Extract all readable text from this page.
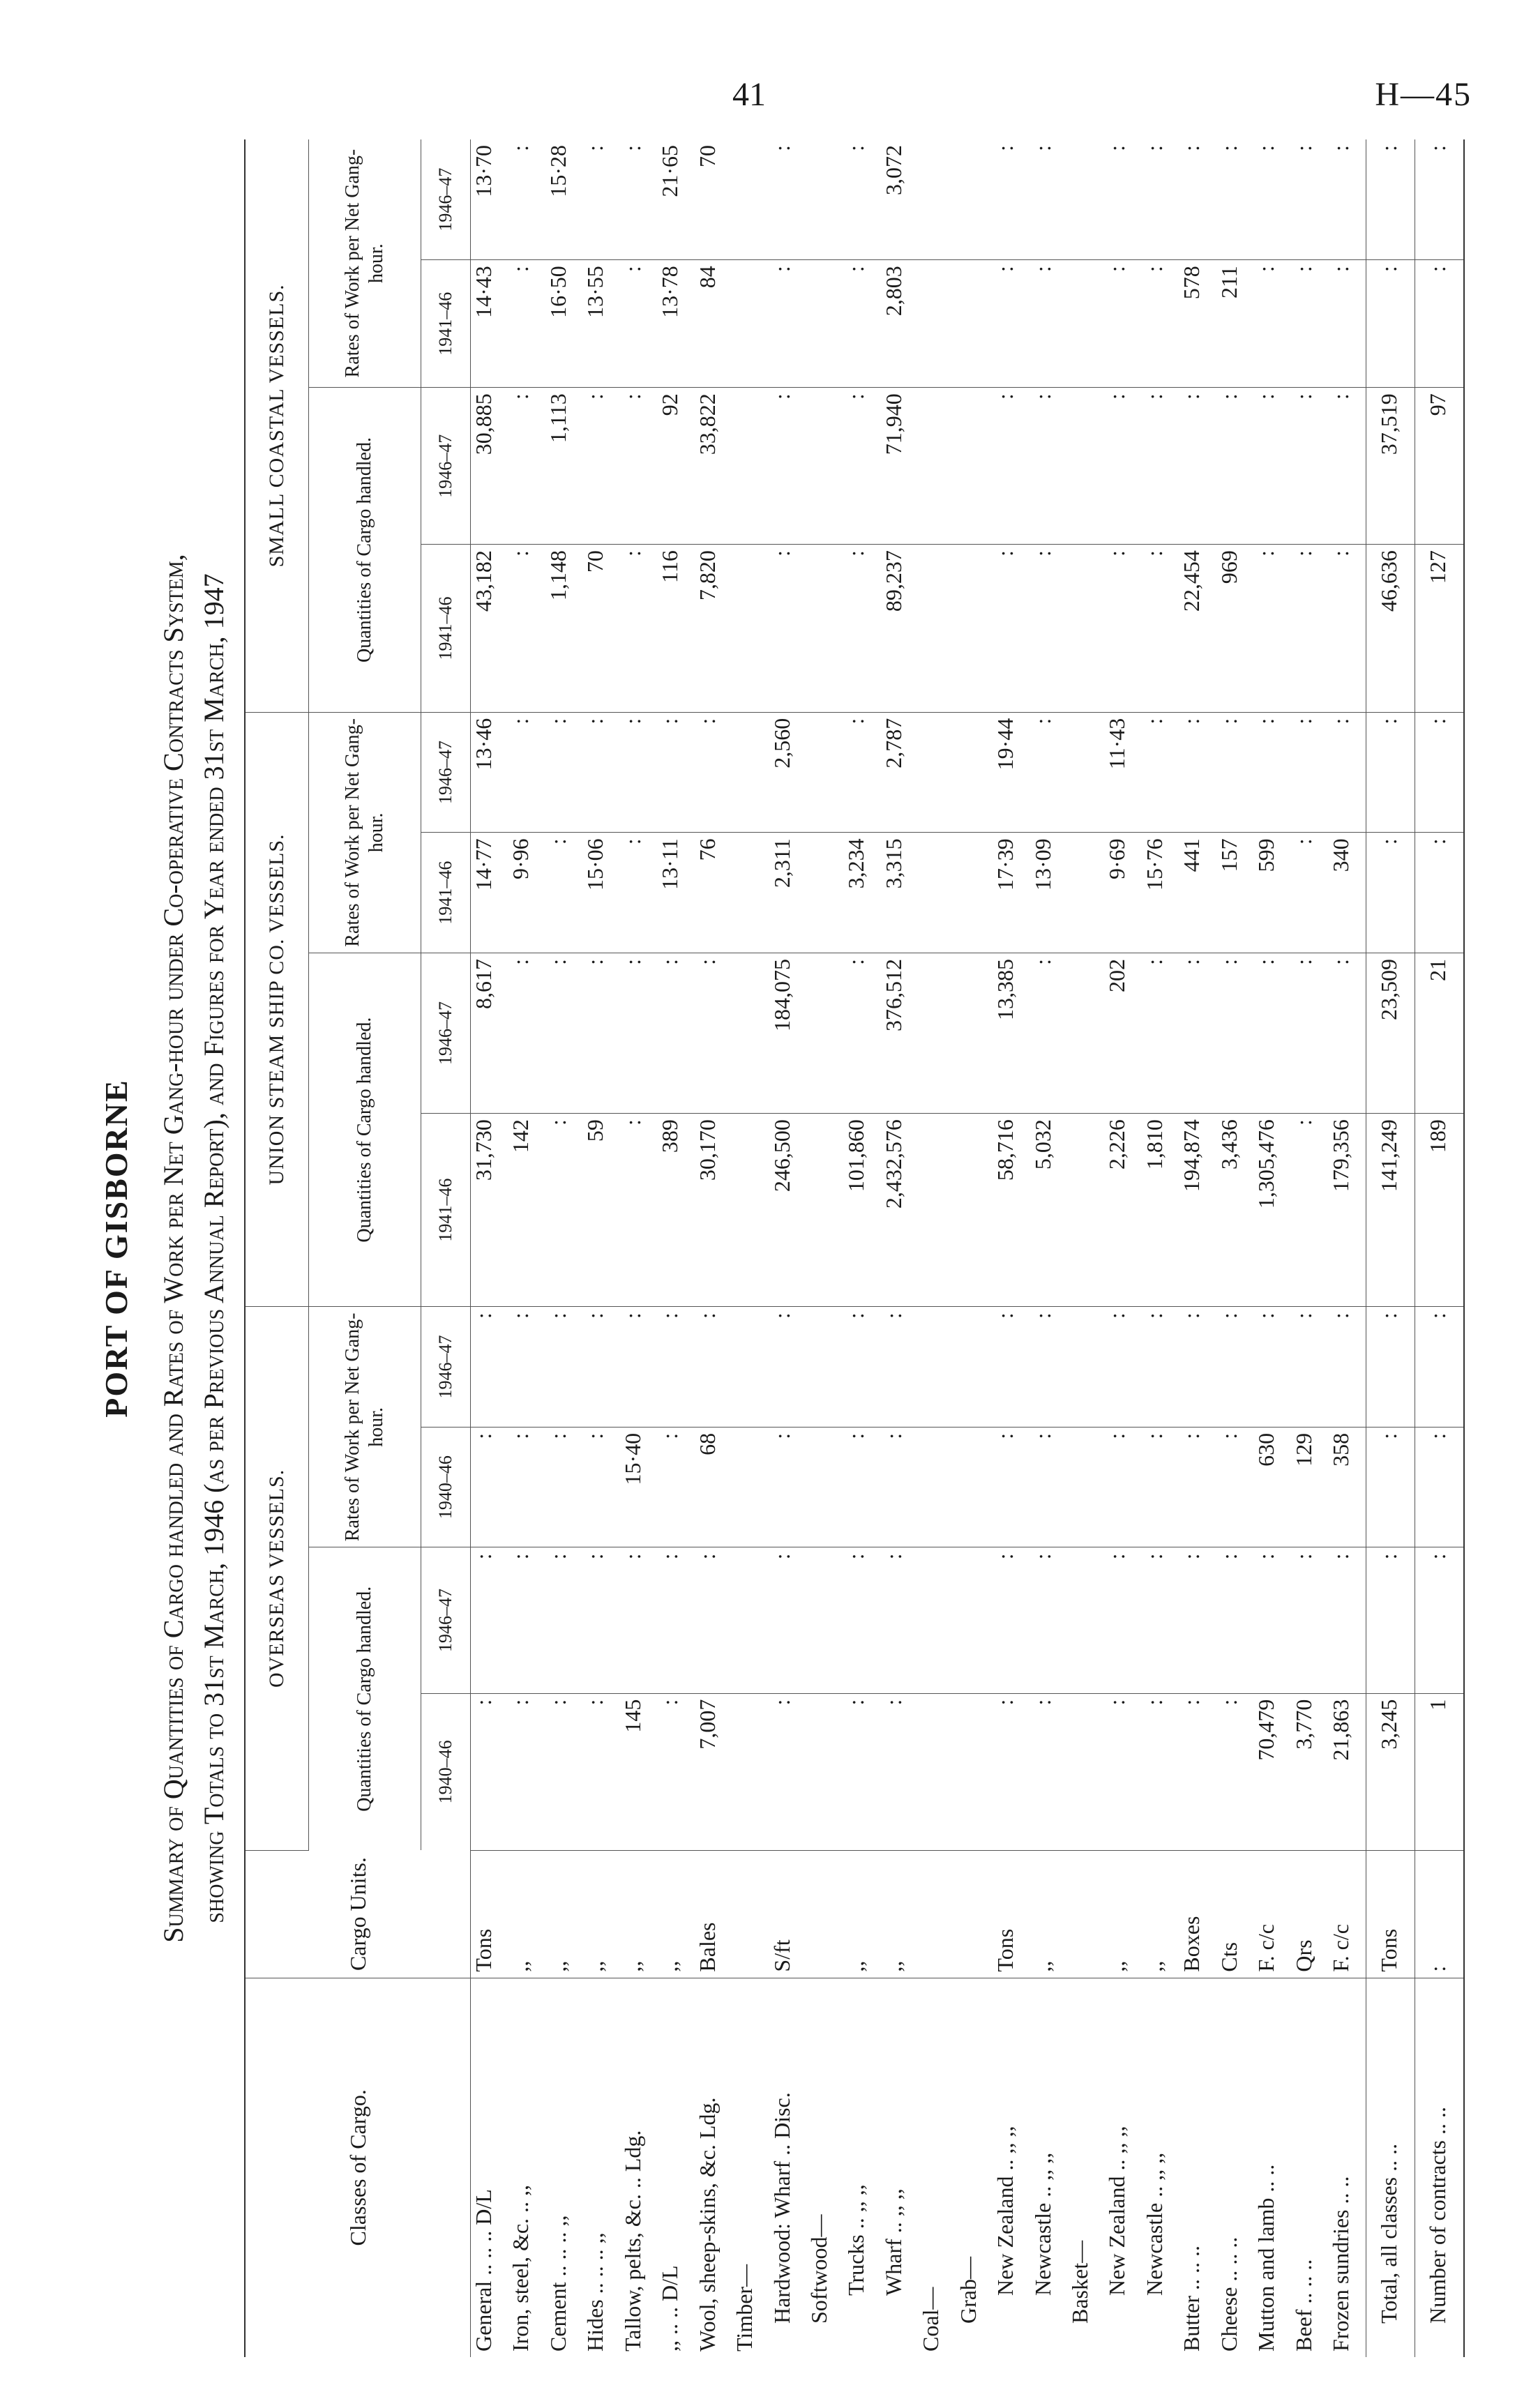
41	H—45
PORT OF GISBORNE Summary of Quantities of Cargo handled and Rates of Work per Net Gang-hour under Co-operative Contracts System, showing Totals to 31st March, 1946 (as per Previous Annual Report), and Figures for Year ended 31st March, 1947
Classes of Cargo.	Cargo Units.	OVERSEAS VESSELS.				UNION STEAM SHIP CO. VESSELS.				SMALL COASTAL VESSELS.			
		Quantities of Cargo handled.		Rates of Work per Net Gang-hour.		Quantities of Cargo handled.		Rates of Work per Net Gang-hour.		Quantities of Cargo handled.		Rates of Work per Net Gang-hour.	
		1940–46	1946–47	1940–46	1946–47	1941–46	1946–47	1941–46	1946–47	1941–46	1946–47	1941–46	1946–47
General .. .. .. D/L	Tons	:	:	:	:	31,730	8,617	14·77	13·46	43,182	30,885	14·43	13·70
Iron, steel, &c. .. ,,	,,	:	:	:	:	142	:	9·96	:	:	:	:	:
Cement .. .. .. ,,	,,	:	:	:	:	:	:	:	:	1,148	1,113	16·50	15·28
Hides .. .. .. ,,	,,	:	:	:	:	59	:	15·06	:	70	:	13·55	:
Tallow, pelts, &c. .. Ldg.	,,	145	:	15·40	:	:	:	:	:	:	:	:	:
,, .. .. D/L	,,	:	:	:	:	389	:	13·11	:	116	92	13·78	21·65
Wool, sheep-skins, &c. Ldg.	Bales	7,007	:	68	:	30,170	:	76	:	7,820	33,822	84	70
Timber—													
Hardwood: Wharf .. Disc.	S/ft	:	:	:	:	246,500	184,075	2,311	2,560	:	:	:	:
Softwood—													
Trucks .. ,, ,,	,,	:	:	:	:	101,860	:	3,234	:	:	:	:	:
Wharf .. ,, ,,	,,	:	:	:	:	2,432,576	376,512	3,315	2,787	89,237	71,940	2,803	3,072
Coal—													
Grab—													
New Zealand .. ,, ,,	Tons	:	:	:	:	58,716	13,385	17·39	19·44	:	:	:	:
Newcastle .. ,, ,,	,,	:	:	:	:	5,032	:	13·09	:	:	:	:	:
Basket—													
New Zealand .. ,, ,,	,,	:	:	:	:	2,226	202	9·69	11·43	:	:	:	:
Newcastle .. ,, ,,	,,	:	:	:	:	1,810	:	15·76	:	:	:	:	:
Butter .. .. ..	Boxes	:	:	:	:	194,874	:	441	:	22,454	:	578	:
Cheese .. .. ..	Cts	:	:	:	:	3,436	:	157	:	969	:	211	:
Mutton and lamb .. ..	F. c/c	70,479	:	630	:	1,305,476	:	599	:	:	:	:	:
Beef .. .. ..	Qrs	3,770	:	129	:	:	:	:	:	:	:	:	:
Frozen sundries .. ..	F. c/c	21,863	:	358	:	179,356	:	340	:	:	:	:	:
Total, all classes .. ..	Tons	3,245	:	:	:	141,249	23,509	:	:	46,636	37,519	:	:
Number of contracts .. ..	:	1	:	:	:	189	21	:	:	127	97	:	:
